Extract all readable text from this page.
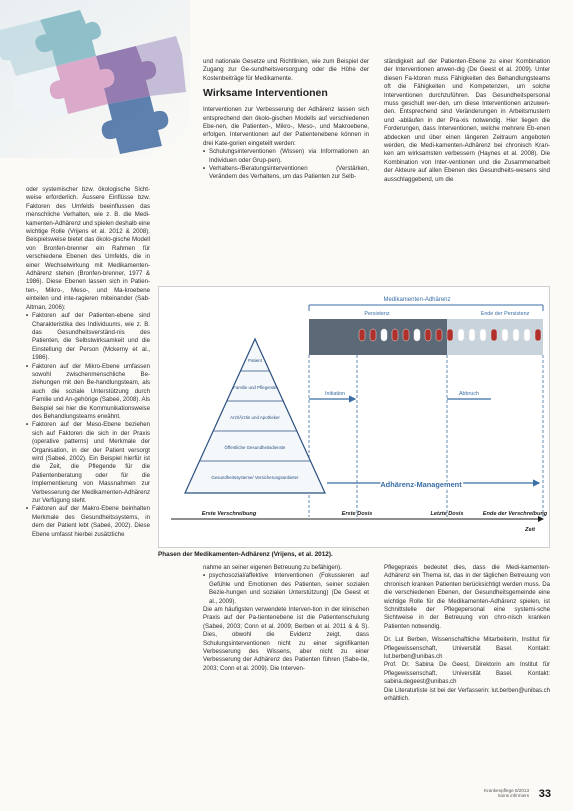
oder systemischer bzw. ökologische Sicht-weise erforderlich. Äussere Einflüsse bzw. Faktoren des Umfelds beeinflussen das menschliche Verhalten, wie z. B. die Medi-kamenten-Adhärenz und spielen deshalb eine wichtige Rolle (Vrijens et al. 2012 & 2008). Beispielsweise bietet das ökolo-gische Modell von Bronfen-brenner ein Rahmen für verschiedene Ebenen des Umfelds, die in einer Wechselwirkung mit Medikamenten-Adhärenz stehen (Bronfen-brenner, 1977 & 1986). Diese Ebenen lassen sich in Patien-ten-, Mikro-, Meso-, und Ma-kroebene einteilen und inte-ragieren miteinander (Sab-Altman, 2006):

• Faktoren auf der Patienten-ebene sind Charakteristika des Individuums, wie z. B. das Gesundheitsverständ-nis des Patienten, die Selbstwirksamkeit und die Einstellung der Person (Mckerny et al., 1986).
• Faktoren auf der Mikro-Ebene umfassen sowohl zwischenmenschliche Be-ziehungen mit den Be-handlungsteam, als auch die soziale Unterstützung durch Familie und An-gehörige (Sabeé, 2008). Als Beispiel sei hier die Kommunikationsweise des Behandlungsteams erwähnt.
• Faktoren auf der Meso-Ebene beziehen sich auf Faktoren die sich in der Praxis (operative patterns) und Merkmale der Organisation, in der der Patient versorgt wird (Sabeé, 2002). Ein Beispiel hierfür ist die Zeit, die Pflegende für die Patientenberatung oder für die Implementierung von Massnahmen zur Verbesserung der Medikamenten-Adhärenz zur Verfügung steht.
• Faktoren auf der Makro-Ebene beinhalten Merkmale des Gesundheitssystems, in dem der Patient lebt (Sabeé, 2002). Diese Ebene umfasst hierbei zusätzliche

und nationale Gesetze und Richtlinien, wie zum Beispiel der Zugang zur Ge-sundheitsversorgung oder die Höhe der Kostenbeiträge für Medikamente.

Wirksame Interventionen

Interventionen zur Verbesserung der Adhärenz lassen sich entsprechend den ökolo-gischen Modells auf verschiedenen Ebe-nen, die Patienten-, Mikro-, Meso-, und Makroebene, erfolgen. Interventionen auf der Patientenebene können in drei Kate-gorien eingeteilt werden:

• Schulungsinterventionen (Wissen) via Informationen an Individuen oder Grup-pen).
• Verhaltens-/Beratungsinterventionen (Verstärken, Verändern des Verhaltens, um das Patienten zur Selb-

ständigkeit auf der Patienten-Ebene zu einer Kombination der Interventionen anwen-dig (De Geest et al. 2009). Unter diesen Fa-ktoren muss Fähigkeiten des Behandlungsteams oft die Fähigkeiten und Kompetenzen, um solche Interventionen durchzuführen. Das Gesundheitspersonal muss geschult wer-den, um diese Interventionen anzuwen-den. Entsprechend sind Veränderungen in Arbeitsmustern und -abläufen in der Pra-xis notwendig. Hier liegen die Forderungen, dass Interventionen, welche mehrere Eb-enen abdecken und über einen längeren Zeitraum angeboten werden, die Medi-kamenten-Adhärenz bei chronisch Kran-ken am wirksamsten verbessern (Haynes et al. 2008). Die Kombination von Inter-ventionen und die Zusammenarbeit der Akteure auf allen Ebenen des Gesundheits-wesens sind ausschlaggebend, um die

Medikamenten-Adhärenz
Persistenz	Ende der Persistenz
Initiation	Abbruch
Patient
Familie und Pflegende
Arzt/Ärztin und Apotheker
Öffentliche Gesundheitsdienste
Gesundheitssysteme/ Versicherungsanbieter
Adhärenz-Management
Erste Verschreibung	Erste Dosis	Letzte Dosis	Ende der Verschreibung
Zeit
Phasen der Medikamenten-Adhärenz (Vrijens, et al. 2012).

nahme an seiner eigenen Betreuung zu befähigen).

• psychosozial/affektive Interventionen (Fokussieren auf Gefühle und Emotionen des Patienten, seiner sozialen Bezie-hungen und sozialen Unterstützung) (De Geest et al., 2009).

Die am häufigsten verwendete Interven-tion in der klinischen Praxis auf der Pa-tientenebene ist die Patientenschulung (Sabeé, 2003; Conn et al. 2009; Berben et al. 2011 & & S). Dies, obwohl die Evidenz zeigt, dass Schulungsinterventionen nicht zu einer signifikanten Verbesserung des Wissens, aber nicht zu einer Verbesserung der Adhärenz des Patienten führen (Sabe-tie, 2003; Conn et al. 2009). Die Interven-

Pflegepraxis bedeutet dies, dass die Medi-kamenten-Adhärenz ein Thema ist, das in der täglichen Betreuung von chronisch kranken Patienten berücksichtigt werden muss. Da die verschiedenen Ebenen, der Gesundheitsgemeinde eine wichtige Rolle für die Medikamenten-Adhärenz spielen, ist Schnittstelle der Pflegepersonal eine systemi-sche Sichtweise in der Betreuung von chro-nisch kranken Patienten notwendig.

Dr. Lut Berben, Wissenschaftliche Mitarbeiterin, Institut für Pflegewissenschaft, Universität Basel. Kontakt: lut.berben@unibas.ch

Prof. Dr. Sabina De Geest, Direktorin am Institut für Pflegewissenschaft, Universität Basel. Kontakt: sabina.degeest@unibas.ch

Die Literaturliste ist bei der Verfasserin: lut.berben@unibas.ch erhältlich.

Krankenpflege 8/2013
Soins infirmiers 33
